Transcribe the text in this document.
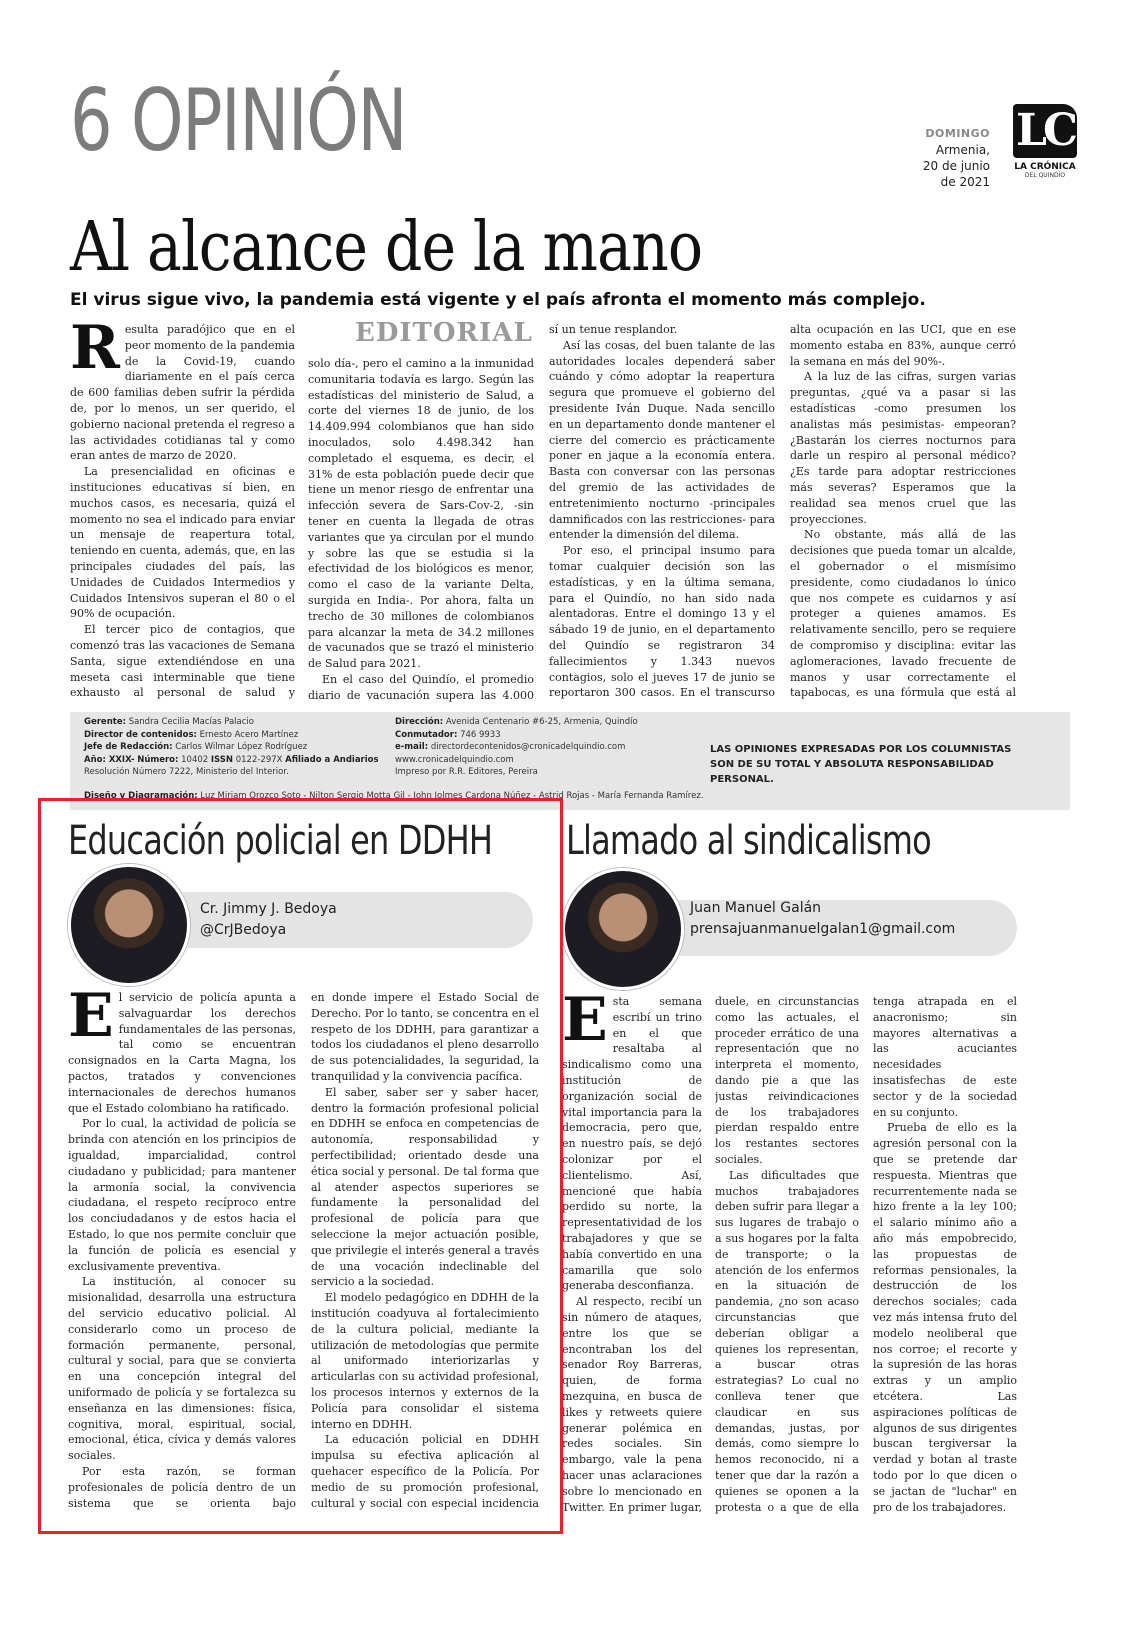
6 OPINIÓN	DOMINGO
Armenia,
20 de junio
de 2021
LC
LA CRÓNICA
DEL QUINDÍO
Al alcance de la mano
El virus sigue vivo, la pandemia está vigente y el país afronta el momento más complejo.
EDITORIAL

Resulta paradójico que en el peor momento de la pandemia de la Covid-19, cuando diariamente en el país cerca de 600 familias deben sufrir la pérdida de, por lo menos, un ser querido, el gobierno nacional pretenda el regreso a las actividades cotidianas tal y como eran antes de marzo de 2020.

La presencialidad en oficinas e instituciones educativas sí bien, en muchos casos, es necesaria, quizá el momento no sea el indicado para enviar un mensaje de reapertura total, teniendo en cuenta, además, que, en las principales ciudades del país, las Unidades de Cuidados Intermedios y Cuidados Intensivos superan el 80 o el 90% de ocupación.

El tercer pico de contagios, que comenzó tras las vacaciones de Semana Santa, sigue extendiéndose en una meseta casi interminable que tiene exhausto al personal de salud y

solo día-, pero el camino a la inmunidad comunitaria todavía es largo. Según las estadísticas del ministerio de Salud, a corte del viernes 18 de junio, de los 14.409.994 colombianos que han sido inoculados, solo 4.498.342 han completado el esquema, es decir, el 31% de esta población puede decir que tiene un menor riesgo de enfrentar una infección severa de Sars-Cov-2, -sin tener en cuenta la llegada de otras variantes que ya circulan por el mundo y sobre las que se estudia si la efectividad de los biológicos es menor, como el caso de la variante Delta, surgida en India-. Por ahora, falta un trecho de 30 millones de colombianos para alcanzar la meta de 34.2 millones de vacunados que se trazó el ministerio de Salud para 2021.

En el caso del Quindío, el promedio diario de vacunación supera las 4.000

sí un tenue resplandor.

Así las cosas, del buen talante de las autoridades locales dependerá saber cuándo y cómo adoptar la reapertura segura que promueve el gobierno del presidente Iván Duque. Nada sencillo en un departamento donde mantener el cierre del comercio es prácticamente poner en jaque a la economía entera. Basta con conversar con las personas del gremio de las actividades de entretenimiento nocturno -principales damnificados con las restricciones- para entender la dimensión del dilema.

Por eso, el principal insumo para tomar cualquier decisión son las estadísticas, y en la última semana, para el Quindío, no han sido nada alentadoras. Entre el domingo 13 y el sábado 19 de junio, en el departamento del Quindío se registraron 34 fallecimientos y 1.343 nuevos contagios, solo el jueves 17 de junio se reportaron 300 casos. En el transcurso

alta ocupación en las UCI, que en ese momento estaba en 83%, aunque cerró la semana en más del 90%-.

A la luz de las cifras, surgen varias preguntas, ¿qué va a pasar si las estadísticas -como presumen los analistas más pesimistas- empeoran? ¿Bastarán los cierres nocturnos para darle un respiro al personal médico? ¿Es tarde para adoptar restricciones más severas? Esperamos que la realidad sea menos cruel que las proyecciones.

No obstante, más allá de las decisiones que pueda tomar un alcalde, el gobernador o el mismísimo presidente, como ciudadanos lo único que nos compete es cuidarnos y así proteger a quienes amamos. Es relativamente sencillo, pero se requiere de compromiso y disciplina: evitar las aglomeraciones, lavado frecuente de manos y usar correctamente el tapabocas, es una fórmula que está al

Gerente: Sandra Cecilia Macías Palacio
Director de contenidos: Ernesto Acero Martínez
Jefe de Redacción: Carlos Wilmar López Rodríguez
Año: XXIX- Número: 10402 ISSN 0122-297X Afiliado a Andiarios
Resolución Número 7222, Ministerio del Interior.
Dirección: Avenida Centenario #6-25, Armenia, Quindío
Conmutador: 746 9933
e-mail: directordecontenidos@cronicadelquindio.com
www.cronicadelquindio.com
Impreso por R.R. Editores, Pereira
LAS OPINIONES EXPRESADAS POR LOS COLUMNISTAS SON DE SU TOTAL Y ABSOLUTA RESPONSABILIDAD PERSONAL.
Diseño y Diagramación: Luz Miriam Orozco Soto - Nilton Sergio Motta Gil - John Jolmes Cardona Núñez - Astrid Rojas - María Fernanda Ramírez.
Educación policial en DDHH
Cr. Jimmy J. Bedoya
@CrJBedoya

El servicio de policía apunta a salvaguardar los derechos fundamentales de las personas, tal como se encuentran consignados en la Carta Magna, los pactos, tratados y convenciones internacionales de derechos humanos que el Estado colombiano ha ratificado.

Por lo cual, la actividad de policía se brinda con atención en los principios de igualdad, imparcialidad, control ciudadano y publicidad; para mantener la armonía social, la convivencia ciudadana, el respeto recíproco entre los conciudadanos y de estos hacia el Estado, lo que nos permite concluir que la función de policía es esencial y exclusivamente preventiva.

La institución, al conocer su misionalidad, desarrolla una estructura del servicio educativo policial. Al considerarlo como un proceso de formación permanente, personal, cultural y social, para que se convierta en una concepción integral del uniformado de policía y se fortalezca su enseñanza en las dimensiones: física, cognitiva, moral, espiritual, social, emocional, ética, cívica y demás valores sociales.

Por esta razón, se forman profesionales de policía dentro de un sistema que se orienta bajo

en donde impere el Estado Social de Derecho. Por lo tanto, se concentra en el respeto de los DDHH, para garantizar a todos los ciudadanos el pleno desarrollo de sus potencialidades, la seguridad, la tranquilidad y la convivencia pacífica.

El saber, saber ser y saber hacer, dentro la formación profesional policial en DDHH se enfoca en competencias de autonomía, responsabilidad y perfectibilidad; orientado desde una ética social y personal. De tal forma que al atender aspectos superiores se fundamente la personalidad del profesional de policía para que seleccione la mejor actuación posible, que privilegie el interés general a través de una vocación indeclinable del servicio a la sociedad.

El modelo pedagógico en DDHH de la institución coadyuva al fortalecimiento de la cultura policial, mediante la utilización de metodologías que permite al uniformado interiorizarlas y articularlas con su actividad profesional, los procesos internos y externos de la Policía para consolidar el sistema interno en DDHH.

La educación policial en DDHH impulsa su efectiva aplicación al quehacer específico de la Policía. Por medio de su promoción profesional, cultural y social con especial incidencia

Llamado al sindicalismo
Juan Manuel Galán
prensajuanmanuelgalan1@gmail.com

Esta semana escribí un trino en el que resaltaba al sindicalismo como una institución de organización social de vital importancia para la democracia, pero que, en nuestro país, se dejó colonizar por el clientelismo. Así, mencioné que había perdido su norte, la representatividad de los trabajadores y que se había convertido en una camarilla que solo generaba desconfianza.

Al respecto, recibí un sin número de ataques, entre los que se encontraban los del senador Roy Barreras, quien, de forma mezquina, en busca de likes y retweets quiere generar polémica en redes sociales. Sin embargo, vale la pena hacer unas aclaraciones sobre lo mencionado en Twitter. En primer lugar,

duele, en circunstancias como las actuales, el proceder errático de una representación que no interpreta el momento, dando pie a que las justas reivindicaciones de los trabajadores pierdan respaldo entre los restantes sectores sociales.

Las dificultades que muchos trabajadores deben sufrir para llegar a sus lugares de trabajo o a sus hogares por la falta de transporte; o la atención de los enfermos en la situación de pandemia, ¿no son acaso circunstancias que deberían obligar a quienes los representan, a buscar otras estrategias? Lo cual no conlleva tener que claudicar en sus demandas, justas, por demás, como siempre lo hemos reconocido, ni a tener que dar la razón a quienes se oponen a la protesta o a que de ella

tenga atrapada en el anacronismo; sin mayores alternativas a las acuciantes necesidades insatisfechas de este sector y de la sociedad en su conjunto.

Prueba de ello es la agresión personal con la que se pretende dar respuesta. Mientras que recurrentemente nada se hizo frente a la ley 100; el salario mínimo año a año más empobrecido, las propuestas de reformas pensionales, la destrucción de los derechos sociales; cada vez más intensa fruto del modelo neoliberal que nos corroe; el recorte y la supresión de las horas extras y un amplio etcétera. Las aspiraciones políticas de algunos de sus dirigentes buscan tergiversar la verdad y botan al traste todo por lo que dicen o se jactan de "luchar" en pro de los trabajadores.
